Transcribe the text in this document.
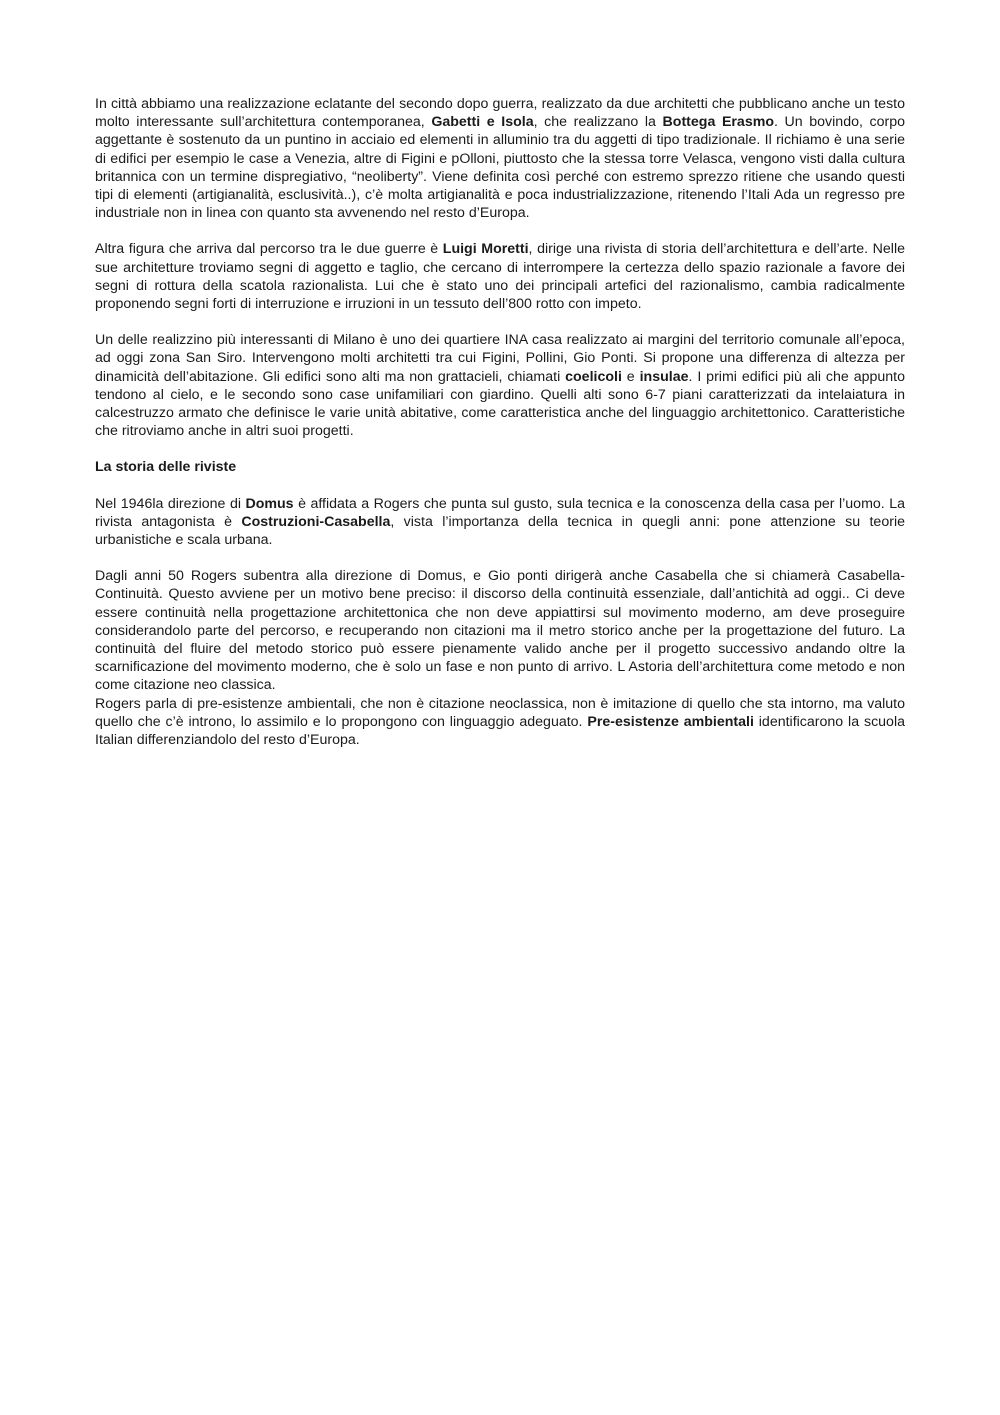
In città abbiamo una realizzazione eclatante del secondo dopo guerra, realizzato da due architetti che pubblicano anche un testo molto interessante sull’architettura contemporanea, Gabetti e Isola, che realizzano la Bottega Erasmo. Un bovindo, corpo aggettante è sostenuto da un puntino in acciaio ed elementi in alluminio tra du aggetti di tipo tradizionale. Il richiamo è una serie di edifici per esempio le case a Venezia, altre di Figini e pOlloni, piuttosto che la stessa torre Velasca, vengono visti dalla cultura britannica con un termine dispregiativo, “neoliberty”. Viene definita così perché con estremo sprezzo ritiene che usando questi tipi di elementi (artigianalità, esclusività..), c’è molta artigianalità e poca industrializzazione, ritenendo l’Itali Ada un regresso pre industriale non in linea con quanto sta avvenendo nel resto d’Europa.

Altra figura che arriva dal percorso tra le due guerre è Luigi Moretti, dirige una rivista di storia dell’architettura e dell’arte. Nelle sue architetture troviamo segni di aggetto e taglio, che cercano di interrompere la certezza dello spazio razionale a favore dei segni di rottura della scatola razionalista. Lui che è stato uno dei principali artefici del razionalismo, cambia radicalmente proponendo segni forti di interruzione e irruzioni in un tessuto dell’800 rotto con impeto.

Un delle realizzino più interessanti di Milano è uno dei quartiere INA casa realizzato ai margini del territorio comunale all’epoca, ad oggi zona San Siro. Intervengono molti architetti tra cui Figini, Pollini, Gio Ponti. Si propone una differenza di altezza per dinamicità dell’abitazione. Gli edifici sono alti ma non grattacieli, chiamati coelicoli e insulae. I primi edifici più ali che appunto tendono al cielo, e le secondo sono case unifamiliari con giardino. Quelli alti sono 6-7 piani caratterizzati da intelaiatura in calcestruzzo armato che definisce le varie unità abitative, come caratteristica anche del linguaggio architettonico. Caratteristiche che ritroviamo anche in altri suoi progetti.

La storia delle riviste

Nel 1946la direzione di Domus è affidata a Rogers che punta sul gusto, sula tecnica e la conoscenza della casa per l’uomo. La rivista antagonista è Costruzioni-Casabella, vista l’importanza della tecnica in quegli anni: pone attenzione su teorie urbanistiche e scala urbana.

Dagli anni 50 Rogers subentra alla direzione di Domus, e Gio ponti dirigerà anche Casabella che si chiamerà Casabella-Continuità. Questo avviene per un motivo bene preciso: il discorso della continuità essenziale, dall’antichità ad oggi.. Ci deve essere continuità nella progettazione architettonica che non deve appiattirsi sul movimento moderno, am deve proseguire considerandolo parte del percorso, e recuperando non citazioni ma il metro storico anche per la progettazione del futuro. La continuità del fluire del metodo storico può essere pienamente valido anche per il progetto successivo andando oltre la scarnificazione del movimento moderno, che è solo un fase e non punto di arrivo. L Astoria dell’architettura come metodo e non come citazione neo classica.

Rogers parla di pre-esistenze ambientali, che non è citazione neoclassica, non è imitazione di quello che sta intorno, ma valuto quello che c’è introno, lo assimilo e lo propongono con linguaggio adeguato. Pre-esistenze ambientali identificarono la scuola Italian differenziandolo del resto d’Europa.
